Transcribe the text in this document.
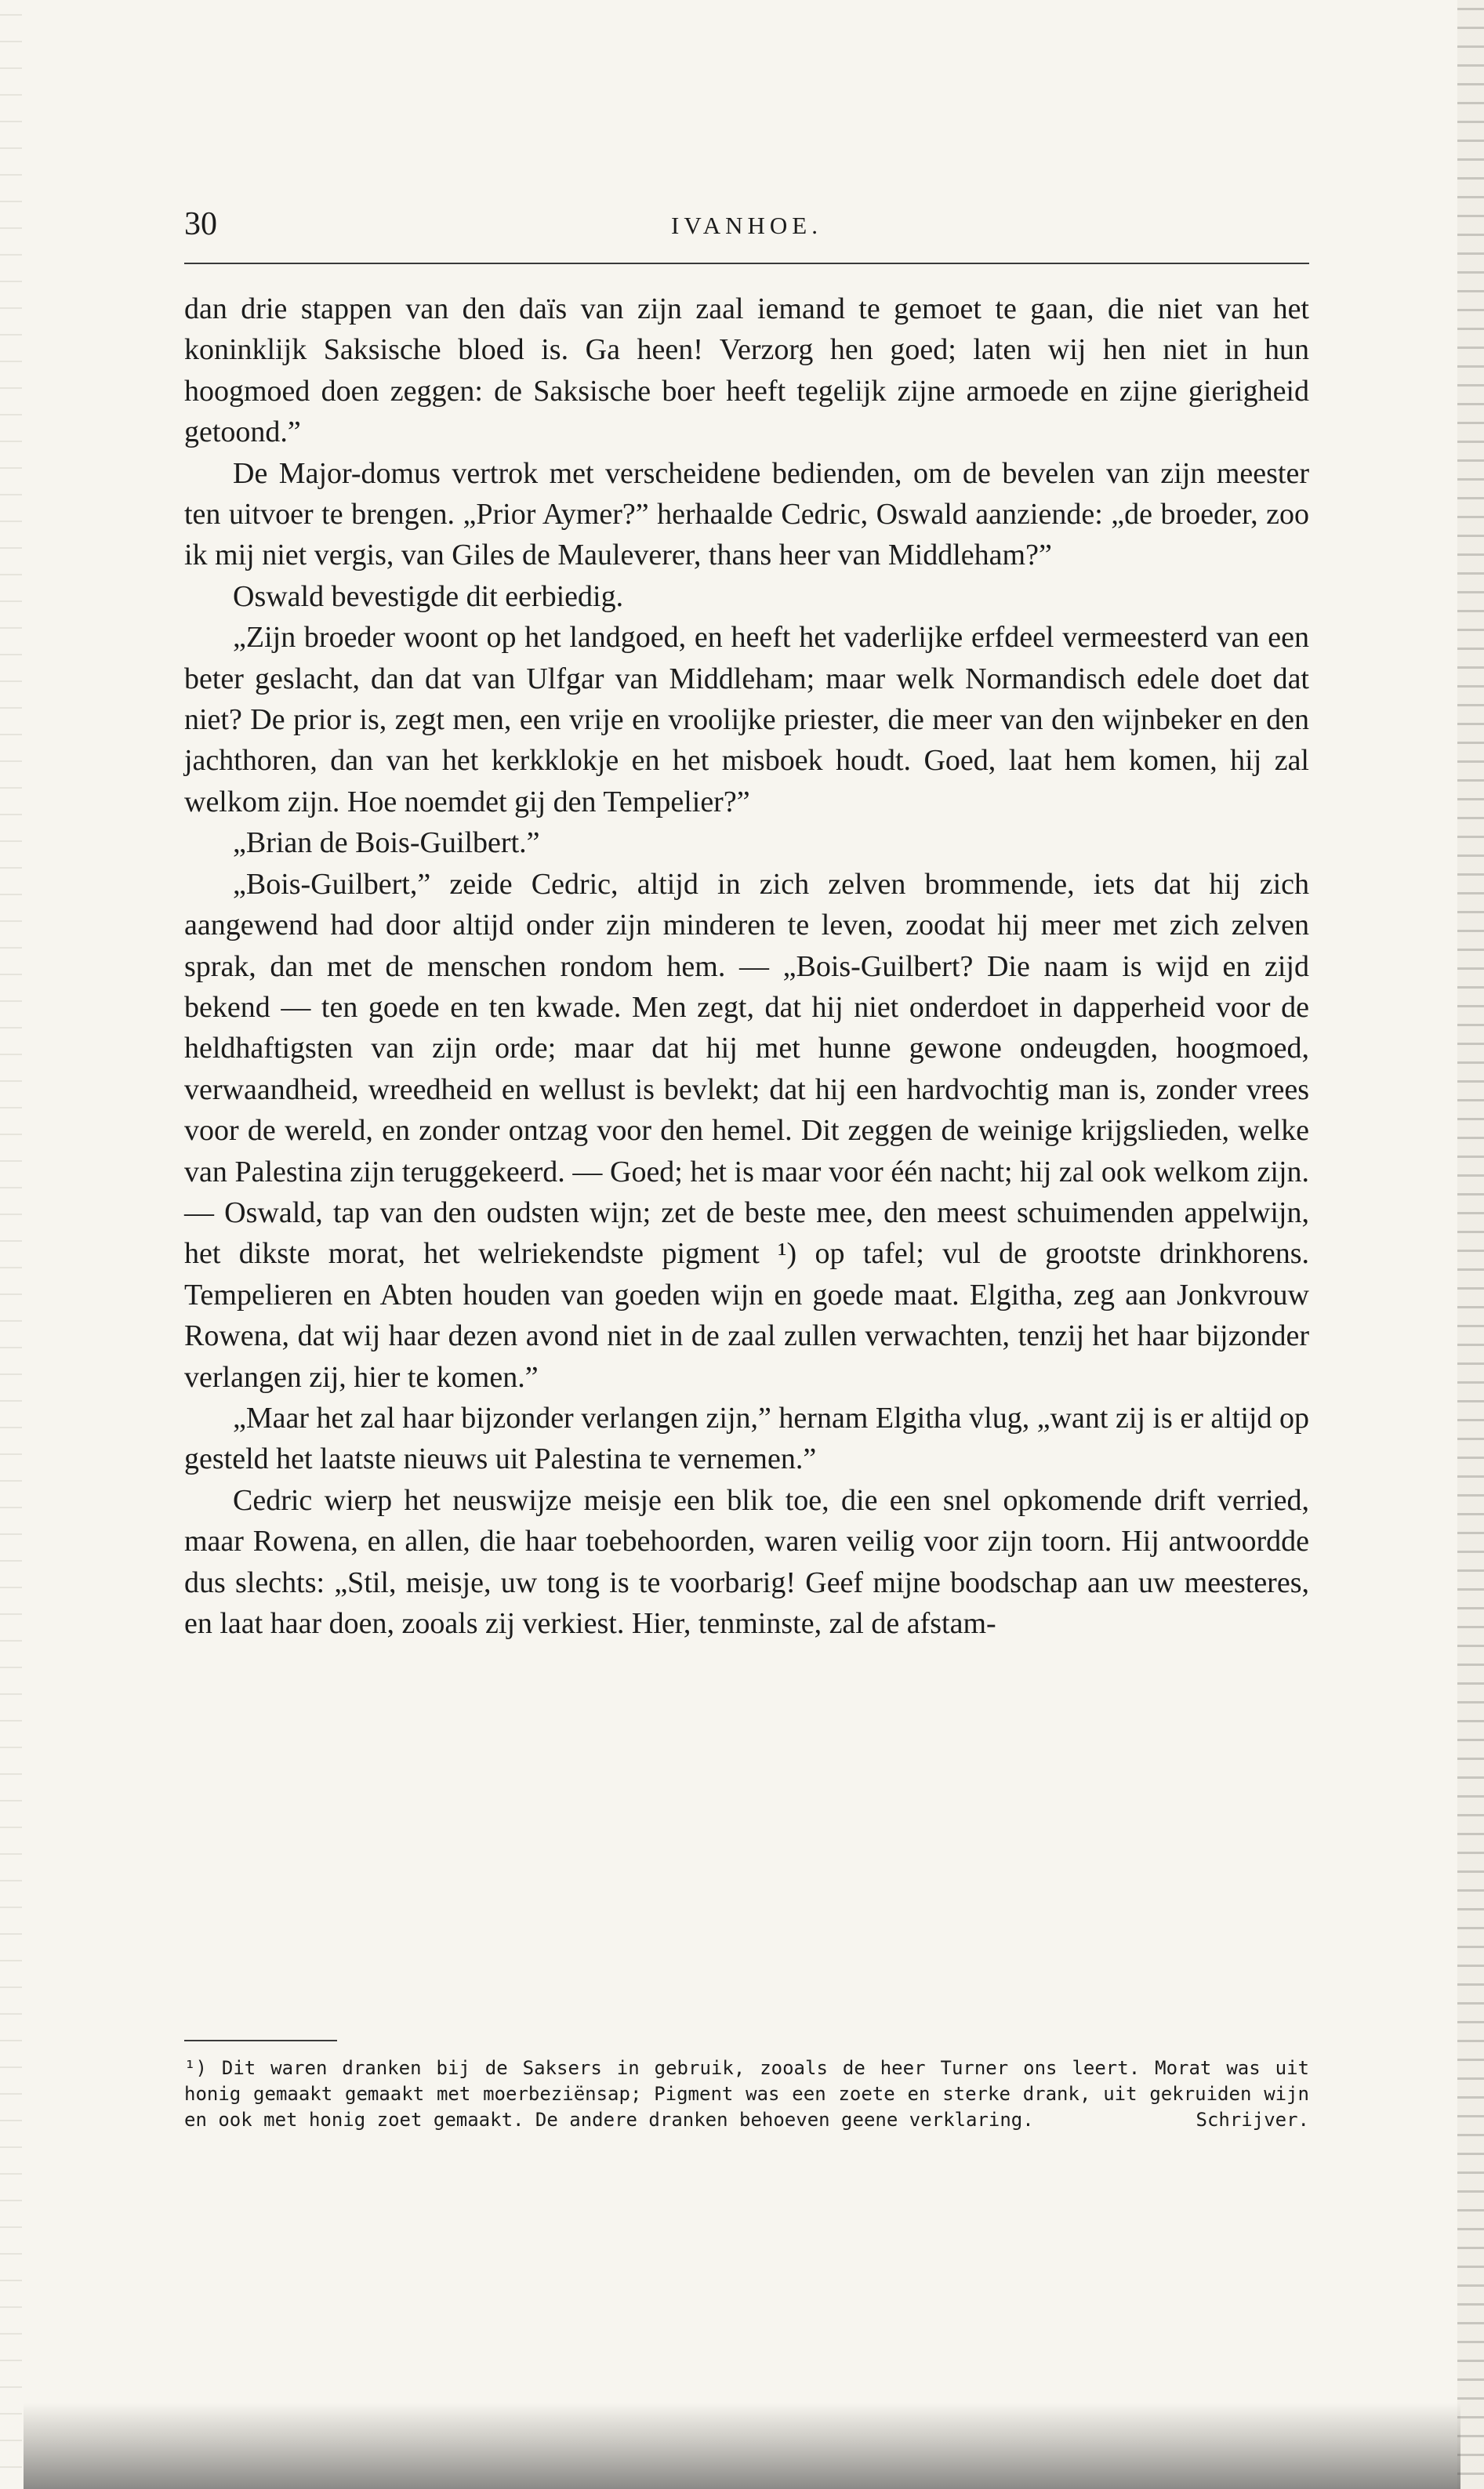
30	IVANHOE.

dan drie stappen van den daïs van zijn zaal iemand te gemoet te gaan, die niet van het koninklijk Saksische bloed is. Ga heen! Verzorg hen goed; laten wij hen niet in hun hoogmoed doen zeggen: de Saksische boer heeft tegelijk zijne armoede en zijne gierigheid getoond.”

De Major-domus vertrok met verscheidene bedienden, om de bevelen van zijn meester ten uitvoer te brengen. „Prior Aymer?” herhaalde Cedric, Oswald aanziende: „de broeder, zoo ik mij niet vergis, van Giles de Mauleverer, thans heer van Middleham?”

Oswald bevestigde dit eerbiedig.

„Zijn broeder woont op het landgoed, en heeft het vaderlijke erfdeel vermeesterd van een beter geslacht, dan dat van Ulfgar van Middleham; maar welk Normandisch edele doet dat niet? De prior is, zegt men, een vrije en vroolijke priester, die meer van den wijnbeker en den jachthoren, dan van het kerkklokje en het misboek houdt. Goed, laat hem komen, hij zal welkom zijn. Hoe noemdet gij den Tempelier?”

„Brian de Bois-Guilbert.”

„Bois-Guilbert,” zeide Cedric, altijd in zich zelven brommende, iets dat hij zich aangewend had door altijd onder zijn minderen te leven, zoodat hij meer met zich zelven sprak, dan met de menschen rondom hem. — „Bois-Guilbert? Die naam is wijd en zijd bekend — ten goede en ten kwade. Men zegt, dat hij niet onderdoet in dapperheid voor de heldhaftigsten van zijn orde; maar dat hij met hunne gewone ondeugden, hoogmoed, verwaandheid, wreedheid en wellust is bevlekt; dat hij een hardvochtig man is, zonder vrees voor de wereld, en zonder ontzag voor den hemel. Dit zeggen de weinige krijgslieden, welke van Palestina zijn teruggekeerd. — Goed; het is maar voor één nacht; hij zal ook welkom zijn. — Oswald, tap van den oudsten wijn; zet de beste mee, den meest schuimenden appelwijn, het dikste morat, het welriekendste pigment ¹) op tafel; vul de grootste drinkhorens. Tempelieren en Abten houden van goeden wijn en goede maat. Elgitha, zeg aan Jonkvrouw Rowena, dat wij haar dezen avond niet in de zaal zullen verwachten, tenzij het haar bijzonder verlangen zij, hier te komen.”

„Maar het zal haar bijzonder verlangen zijn,” hernam Elgitha vlug, „want zij is er altijd op gesteld het laatste nieuws uit Palestina te vernemen.”

Cedric wierp het neuswijze meisje een blik toe, die een snel opkomende drift verried, maar Rowena, en allen, die haar toebehoorden, waren veilig voor zijn toorn. Hij antwoordde dus slechts: „Stil, meisje, uw tong is te voorbarig! Geef mijne boodschap aan uw meesteres, en laat haar doen, zooals zij verkiest. Hier, tenminste, zal de afstam-

¹) Dit waren dranken bij de Saksers in gebruik, zooals de heer Turner ons leert. Morat was uit honig gemaakt gemaakt met moerbeziënsap; Pigment was een zoete en sterke drank, uit gekruiden wijn en ook met honig zoet gemaakt. De andere dranken behoeven geene verklaring.	Schrijver.
